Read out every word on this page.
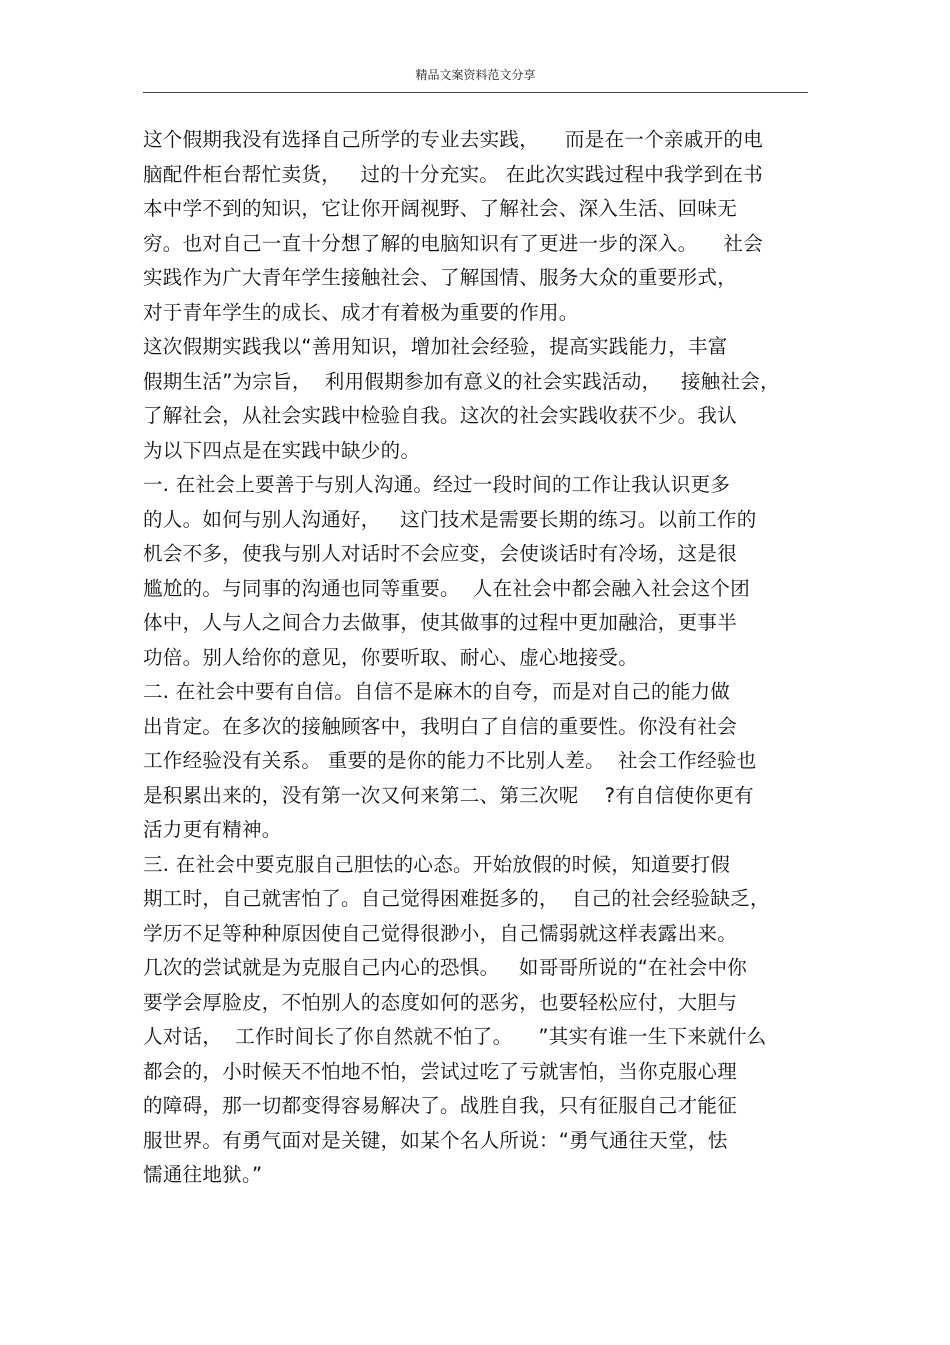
精品文案资料范文分享
这个假期我没有选择自己所学的专业去实践，    而是在一个亲戚开的电
脑配件柜台帮忙卖货，   过的十分充实。 在此次实践过程中我学到在书
本中学不到的知识，它让你开阔视野、了解社会、深入生活、回味无
穷。也对自己一直十分想了解的电脑知识有了更进一步的深入。    社会
实践作为广大青年学生接触社会、了解国情、服务大众的重要形式，
对于青年学生的成长、成才有着极为重要的作用。
这次假期实践我以“善用知识，增加社会经验，提高实践能力，丰富
假期生活”为宗旨，  利用假期参加有意义的社会实践活动，   接触社会，
了解社会，从社会实践中检验自我。这次的社会实践收获不少。我认
为以下四点是在实践中缺少的。
一. 在社会上要善于与别人沟通。经过一段时间的工作让我认识更多
的人。如何与别人沟通好，   这门技术是需要长期的练习。以前工作的
机会不多，使我与别人对话时不会应变，会使谈话时有冷场，这是很
尴尬的。与同事的沟通也同等重要。  人在社会中都会融入社会这个团
体中，人与人之间合力去做事，使其做事的过程中更加融洽，更事半
功倍。别人给你的意见，你要听取、耐心、虚心地接受。
二. 在社会中要有自信。自信不是麻木的自夸，而是对自己的能力做
出肯定。在多次的接触顾客中，我明白了自信的重要性。你没有社会
工作经验没有关系。 重要的是你的能力不比别人差。  社会工作经验也
是积累出来的，没有第一次又何来第二、第三次呢    ?有自信使你更有
活力更有精神。
三. 在社会中要克服自己胆怯的心态。开始放假的时候，知道要打假
期工时，自己就害怕了。自己觉得困难挺多的，  自己的社会经验缺乏，
学历不足等种种原因使自己觉得很渺小，自己懦弱就这样表露出来。
几次的尝试就是为克服自己内心的恐惧。   如哥哥所说的“在社会中你
要学会厚脸皮，不怕别人的态度如何的恶劣，也要轻松应付，大胆与
人对话，  工作时间长了你自然就不怕了。    ”其实有谁一生下来就什么
都会的，小时候天不怕地不怕，尝试过吃了亏就害怕，当你克服心理
的障碍，那一切都变得容易解决了。战胜自我，只有征服自己才能征
服世界。有勇气面对是关键，如某个名人所说：“勇气通往天堂，怯
懦通往地狱。”
